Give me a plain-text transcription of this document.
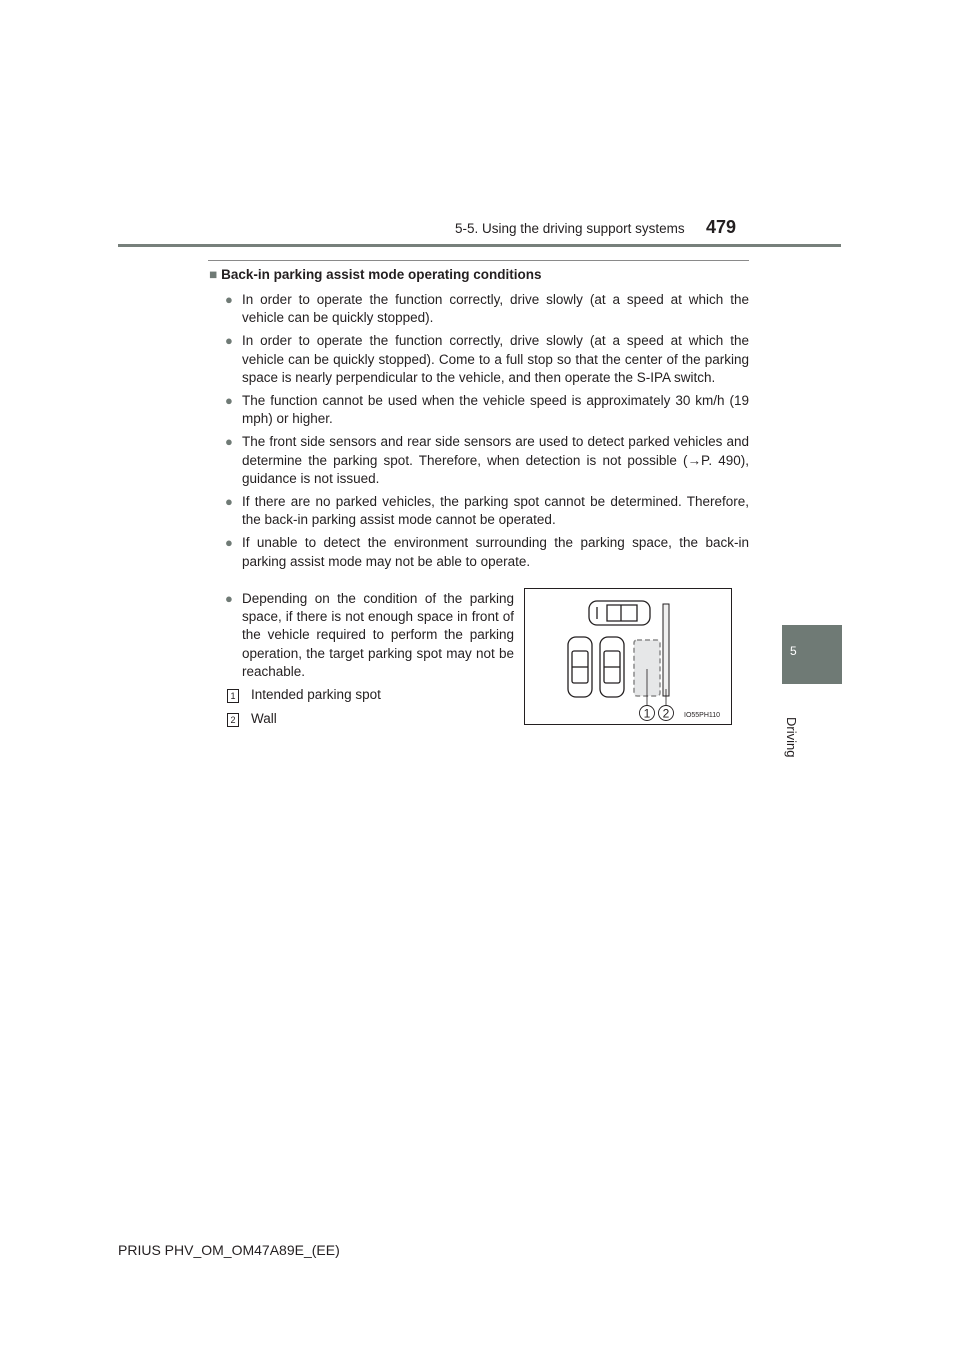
5-5. Using the driving support systems 479
5
Driving
■ Back-in parking assist mode operating conditions
● In order to operate the function correctly, drive slowly (at a speed at which the vehicle can be quickly stopped).
● In order to operate the function correctly, drive slowly (at a speed at which the vehicle can be quickly stopped). Come to a full stop so that the center of the parking space is nearly perpendicular to the vehicle, and then operate the S-IPA switch.
● The function cannot be used when the vehicle speed is approximately 30 km/h (19 mph) or higher.
● The front side sensors and rear side sensors are used to detect parked vehicles and determine the parking spot. Therefore, when detection is not possible (→P. 490), guidance is not issued.
● If there are no parked vehicles, the parking spot cannot be determined. Therefore, the back-in parking assist mode cannot be operated.
● If unable to detect the environment surrounding the parking space, the back-in parking assist mode may not be able to operate.
● Depending on the condition of the parking space, if there is not enough space in front of the vehicle required to perform the parking operation, the target parking spot may not be reachable.
1 Intended parking spot
2 Wall	1 2 IO55PH110
PRIUS PHV_OM_OM47A89E_(EE)
